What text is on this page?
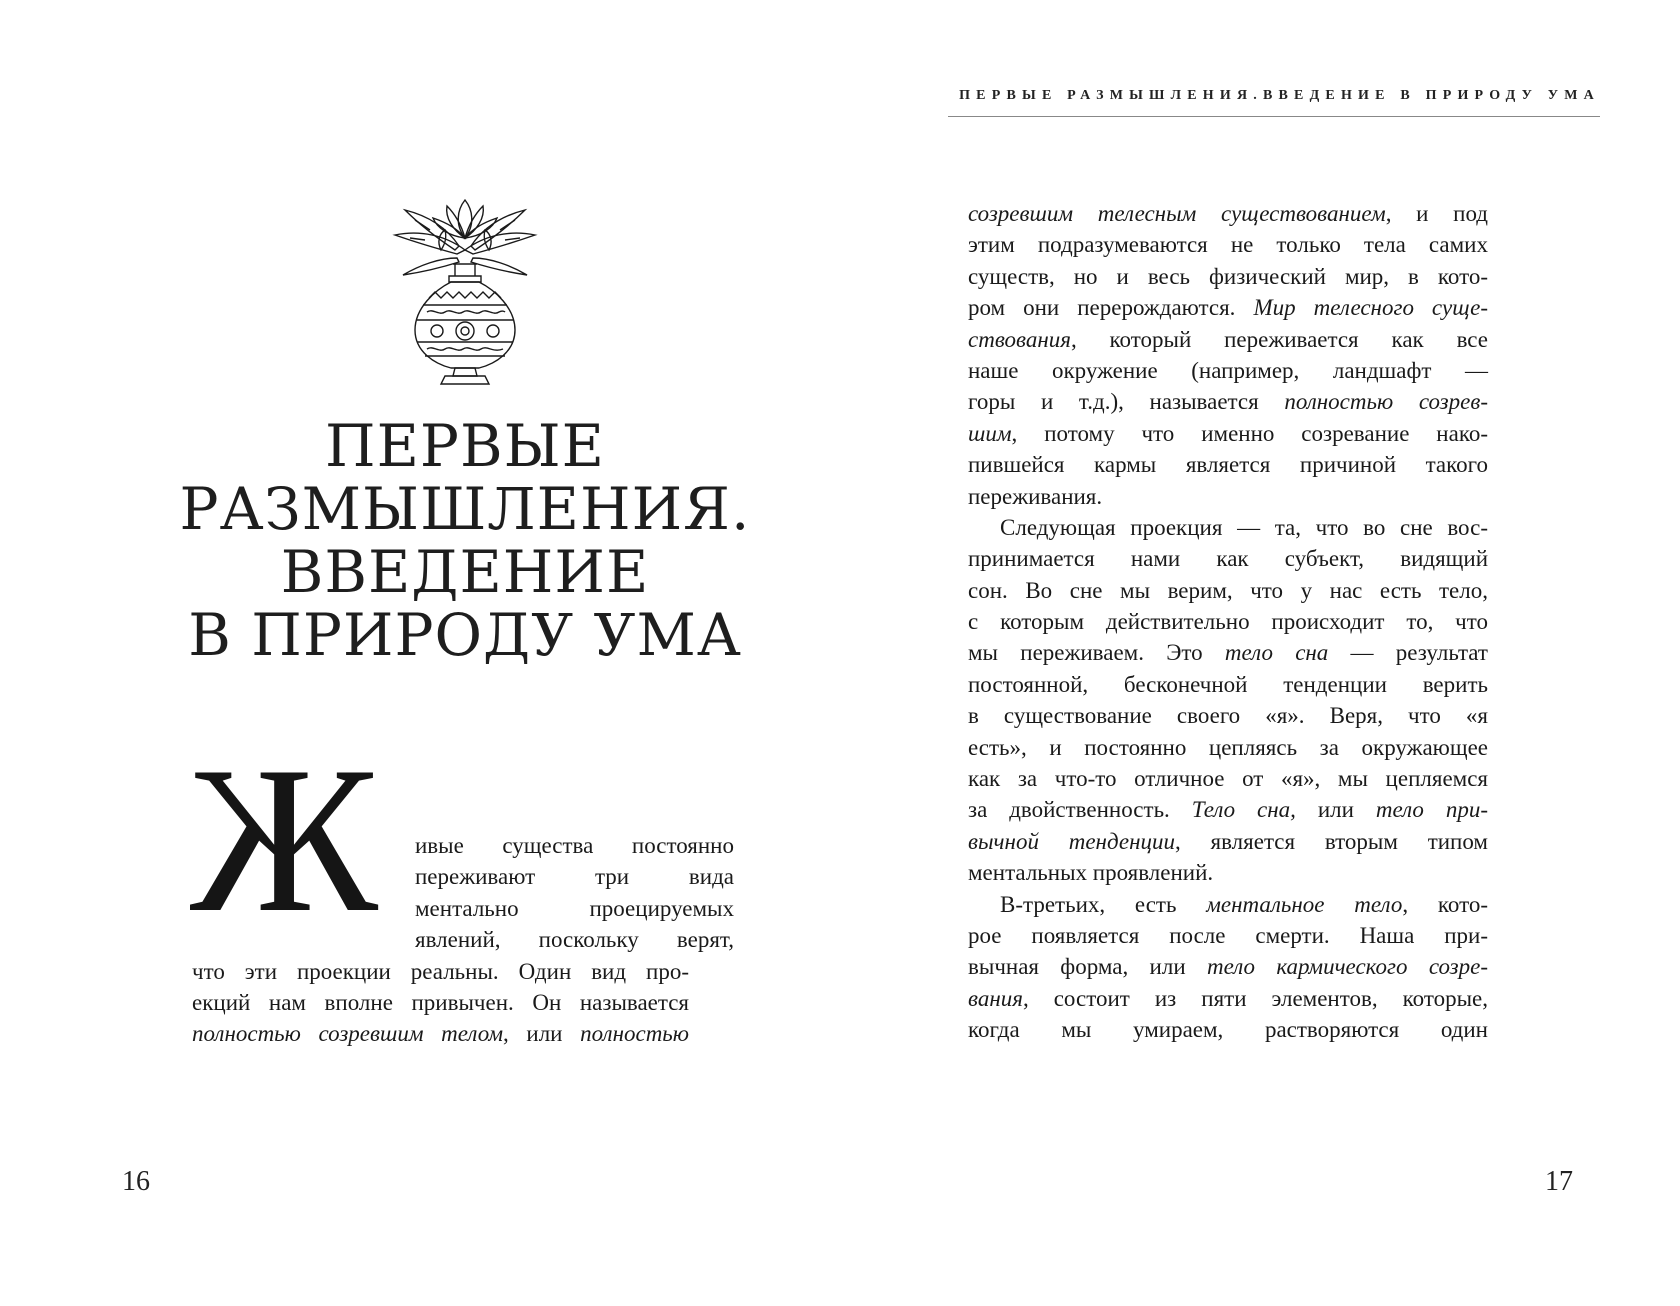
ПЕРВЫЕ
РАЗМЫШЛЕНИЯ.
ВВЕДЕНИЕ
В ПРИРОДУ УМА
Ж ивые существа постоянно
переживают три вида
ментально проецируемых
явлений, поскольку верят,
что эти проекции реальны. Один вид про-
екций нам вполне привычен. Он называется
полностью созревшим телом, или полностью
16
ПЕРВЫЕ РАЗМЫШЛЕНИЯ.ВВЕДЕНИЕ В ПРИРОДУ УМА
созревшим телесным существованием, и под
этим подразумеваются не только тела самих
существ, но и весь физический мир, в кото-
ром они перерождаются. Мир телесного суще-
ствования, который переживается как все
наше окружение (например, ландшафт —
горы и т.д.), называется полностью созрев-
шим, потому что именно созревание нако-
пившейся кармы является причиной такого
переживания.
Следующая проекция — та, что во сне вос-
принимается нами как субъект, видящий
сон. Во сне мы верим, что у нас есть тело,
с которым действительно происходит то, что
мы переживаем. Это тело сна — результат
постоянной, бесконечной тенденции верить
в существование своего «я». Веря, что «я
есть», и постоянно цепляясь за окружающее
как за что-то отличное от «я», мы цепляемся
за двойственность. Тело сна, или тело при-
вычной тенденции, является вторым типом
ментальных проявлений.
В-третьих, есть ментальное тело, кото-
рое появляется после смерти. Наша при-
вычная форма, или тело кармического созре-
вания, состоит из пяти элементов, которые,
когда мы умираем, растворяются один
17
